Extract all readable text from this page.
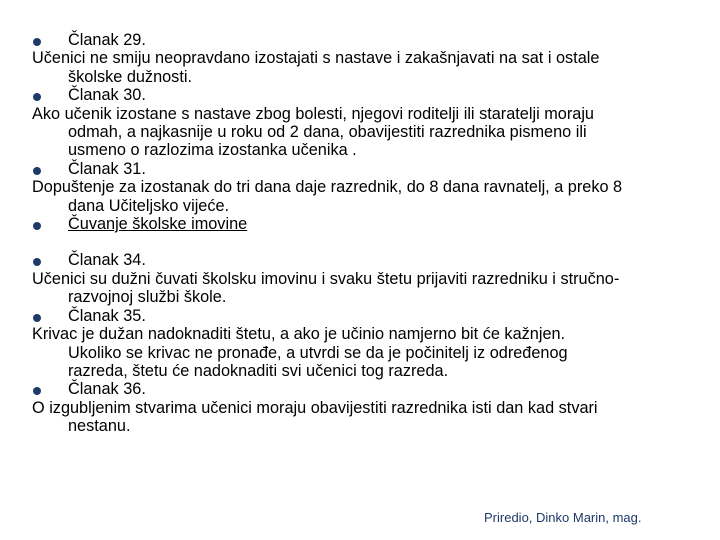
Članak 29.
Učenici ne smiju neopravdano izostajati s nastave i zakašnjavati na sat i ostale
školske dužnosti.
Članak 30.
Ako učenik izostane s nastave zbog bolesti, njegovi roditelji ili staratelji moraju
odmah, a najkasnije u roku od 2 dana, obavijestiti razrednika pismeno ili
usmeno o razlozima izostanka učenika .
Članak 31.
Dopuštenje za izostanak do tri dana daje razrednik, do 8 dana ravnatelj, a preko 8
dana Učiteljsko vijeće.
Čuvanje školske imovine
Članak 34.
Učenici su dužni čuvati školsku imovinu i svaku štetu prijaviti razredniku i stručno-
razvojnoj službi škole.
Članak 35.
Krivac je dužan nadoknaditi štetu, a ako je učinio namjerno bit će kažnjen.
Ukoliko se krivac ne pronađe, a utvrdi se da je počinitelj iz određenog
razreda, štetu će nadoknaditi svi učenici tog razreda.
Članak 36.
O izgubljenim stvarima učenici moraju obavijestiti razrednika isti dan kad stvari
nestanu.
Priredio, Dinko Marin, mag.
